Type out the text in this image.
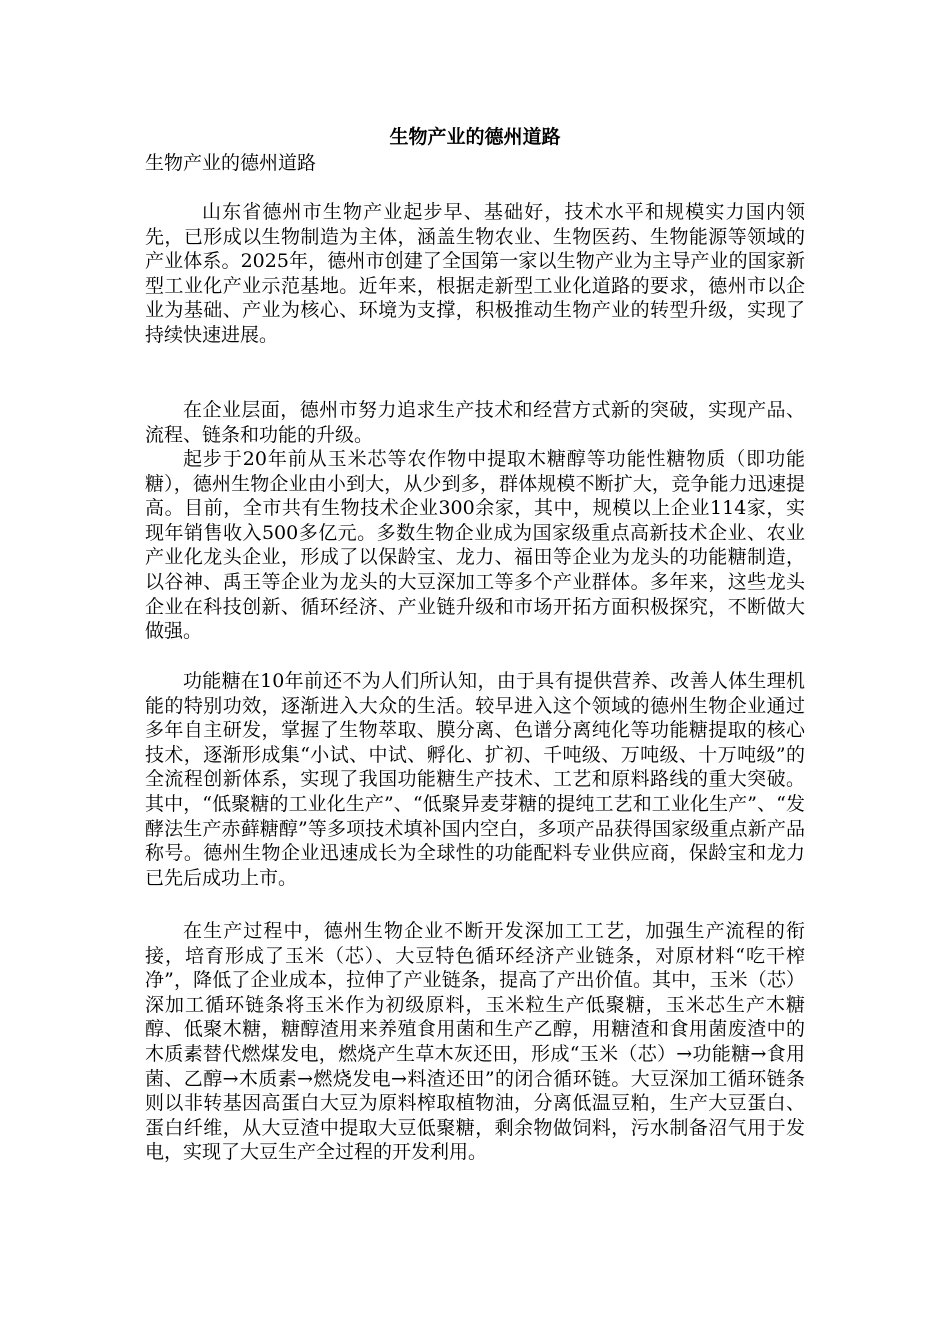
生物产业的德州道路

生物产业的德州道路

山东省德州市生物产业起步早、基础好，技术水平和规模实力国内领先，已形成以生物制造为主体，涵盖生物农业、生物医药、生物能源等领域的产业体系。2025年，德州市创建了全国第一家以生物产业为主导产业的国家新型工业化产业示范基地。近年来，根据走新型工业化道路的要求，德州市以企业为基础、产业为核心、环境为支撑，积极推动生物产业的转型升级，实现了持续快速进展。

在企业层面，德州市努力追求生产技术和经营方式新的突破，实现产品、流程、链条和功能的升级。

起步于20年前从玉米芯等农作物中提取木糖醇等功能性糖物质（即功能糖），德州生物企业由小到大，从少到多，群体规模不断扩大，竞争能力迅速提高。目前，全市共有生物技术企业300余家，其中，规模以上企业114家，实现年销售收入500多亿元。多数生物企业成为国家级重点高新技术企业、农业产业化龙头企业，形成了以保龄宝、龙力、福田等企业为龙头的功能糖制造，以谷神、禹王等企业为龙头的大豆深加工等多个产业群体。多年来，这些龙头企业在科技创新、循环经济、产业链升级和市场开拓方面积极探究，不断做大做强。

功能糖在10年前还不为人们所认知，由于具有提供营养、改善人体生理机能的特别功效，逐渐进入大众的生活。较早进入这个领域的德州生物企业通过多年自主研发，掌握了生物萃取、膜分离、色谱分离纯化等功能糖提取的核心技术，逐渐形成集“小试、中试、孵化、扩初、千吨级、万吨级、十万吨级”的全流程创新体系，实现了我国功能糖生产技术、工艺和原料路线的重大突破。其中，“低聚糖的工业化生产”、“低聚异麦芽糖的提纯工艺和工业化生产”、“发酵法生产赤藓糖醇”等多项技术填补国内空白，多项产品获得国家级重点新产品称号。德州生物企业迅速成长为全球性的功能配料专业供应商，保龄宝和龙力已先后成功上市。

在生产过程中，德州生物企业不断开发深加工工艺，加强生产流程的衔接，培育形成了玉米（芯）、大豆特色循环经济产业链条，对原材料“吃干榨净”，降低了企业成本，拉伸了产业链条，提高了产出价值。其中，玉米（芯）深加工循环链条将玉米作为初级原料，玉米粒生产低聚糖，玉米芯生产木糖醇、低聚木糖，糖醇渣用来养殖食用菌和生产乙醇，用糖渣和食用菌废渣中的木质素替代燃煤发电，燃烧产生草木灰还田，形成“玉米（芯）→功能糖→食用菌、乙醇→木质素→燃烧发电→料渣还田”的闭合循环链。大豆深加工循环链条则以非转基因高蛋白大豆为原料榨取植物油，分离低温豆粕，生产大豆蛋白、蛋白纤维，从大豆渣中提取大豆低聚糖，剩余物做饲料，污水制备沼气用于发电，实现了大豆生产全过程的开发利用。
